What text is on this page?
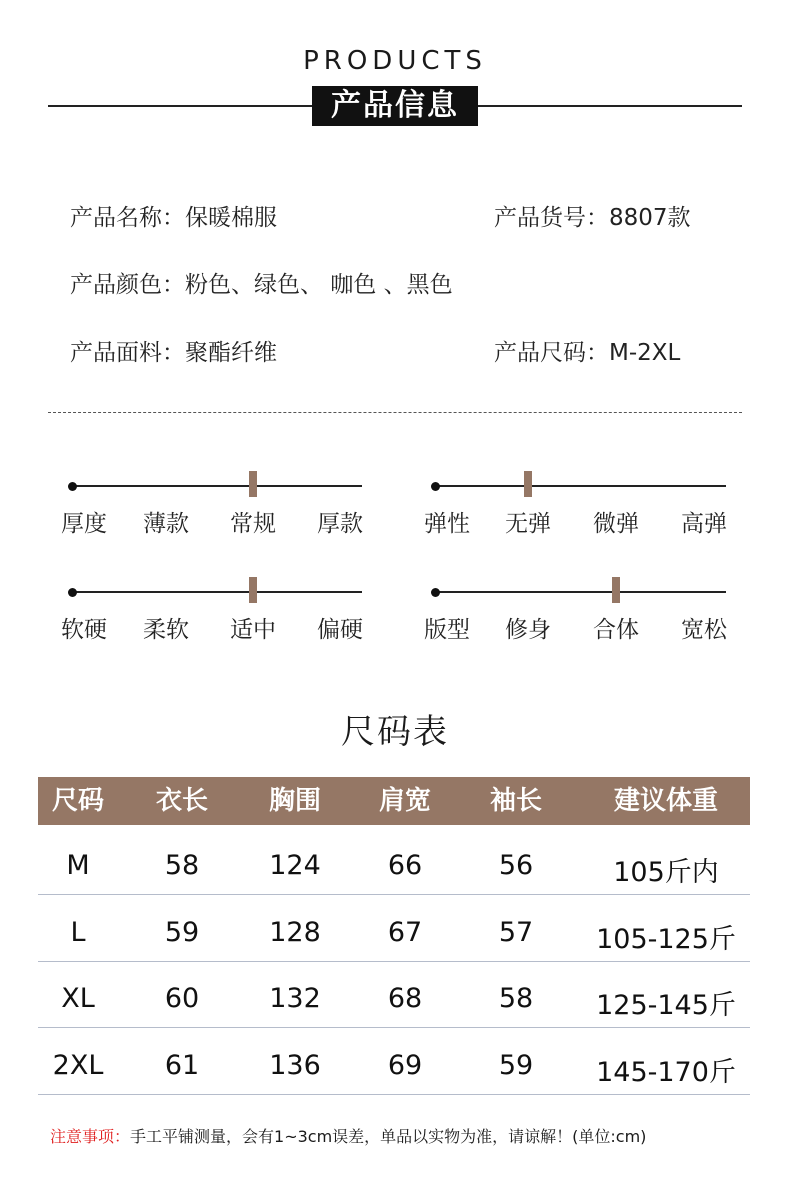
PRODUCTS
产品信息
产品名称：保暖棉服	产品货号：8807款
产品颜色：粉色、绿色、 咖色 、黑色
产品面料：聚酯纤维	产品尺码：M-2XL
厚度	薄款	常规	厚款	弹性	无弹	微弹	高弹
软硬	柔软	适中	偏硬	版型	修身	合体	宽松
尺码表
尺码	衣长	胸围	肩宽	袖长	建议体重
M	58	124	66	56	105斤内
L	59	128	67	57	105-125斤
XL	60	132	68	58	125-145斤
2XL	61	136	69	59	145-170斤
注意事项：手工平铺测量，会有1~3cm误差，单品以实物为准，请谅解！(单位:cm)
